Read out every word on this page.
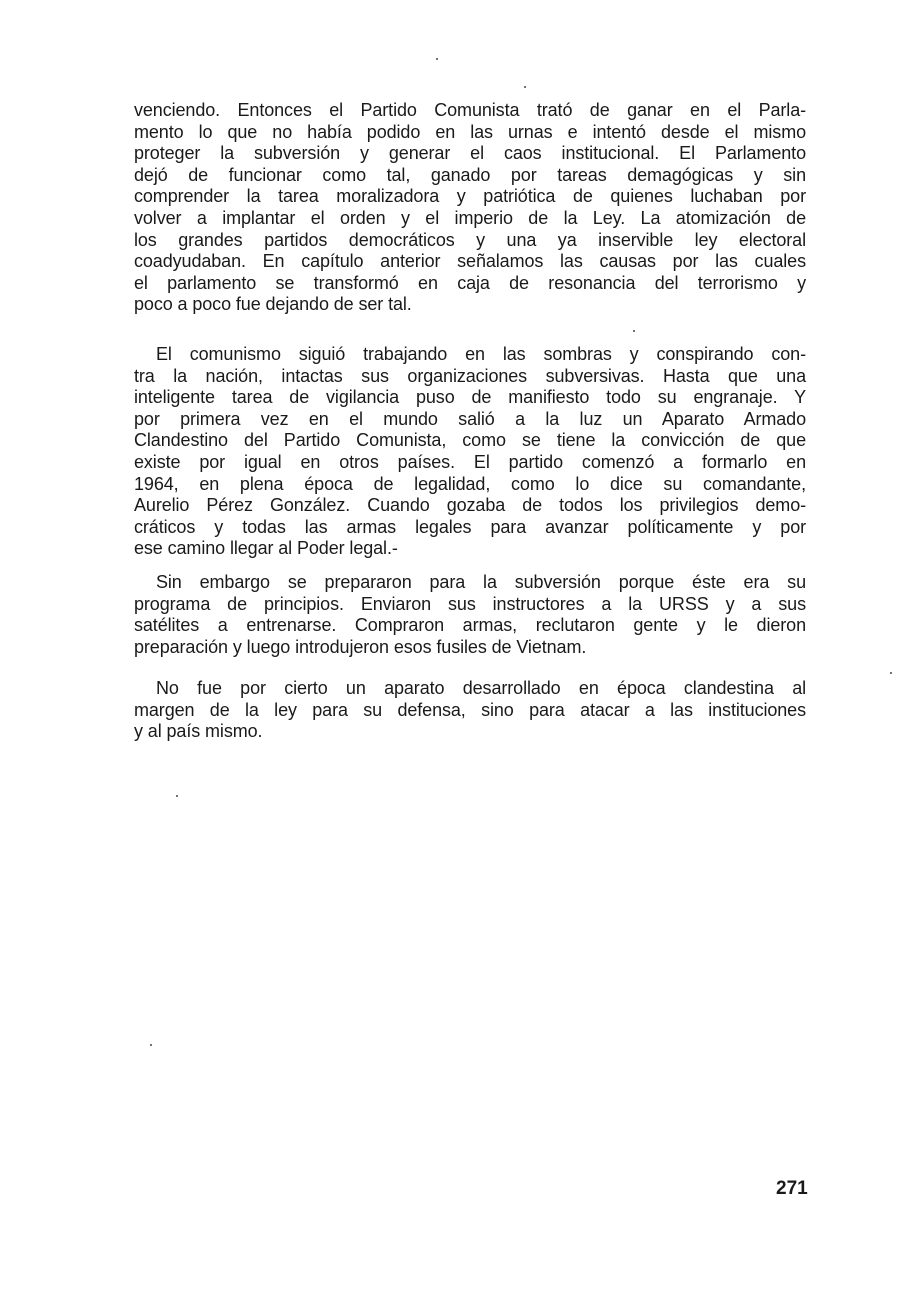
venciendo. Entonces el Partido Comunista trató de ganar en el Parla-
mento lo que no había podido en las urnas e intentó desde el mismo
proteger la subversión y generar el caos institucional. El Parlamento
dejó de funcionar como tal, ganado por tareas demagógicas y sin
comprender la tarea moralizadora y patriótica de quienes luchaban por
volver a implantar el orden y el imperio de la Ley. La atomización de
los grandes partidos democráticos y una ya inservible ley electoral
coadyudaban. En capítulo anterior señalamos las causas por las cuales
el parlamento se transformó en caja de resonancia del terrorismo y
poco a poco fue dejando de ser tal.
El comunismo siguió trabajando en las sombras y conspirando con-
tra la nación, intactas sus organizaciones subversivas. Hasta que una
inteligente tarea de vigilancia puso de manifiesto todo su engranaje. Y
por primera vez en el mundo salió a la luz un Aparato Armado
Clandestino del Partido Comunista, como se tiene la convicción de que
existe por igual en otros países. El partido comenzó a formarlo en
1964, en plena época de legalidad, como lo dice su comandante,
Aurelio Pérez González. Cuando gozaba de todos los privilegios demo-
cráticos y todas las armas legales para avanzar políticamente y por
ese camino llegar al Poder legal.-
Sin embargo se prepararon para la subversión porque éste era su
programa de principios. Enviaron sus instructores a la URSS y a sus
satélites a entrenarse. Compraron armas, reclutaron gente y le dieron
preparación y luego introdujeron esos fusiles de Vietnam.
No fue por cierto un aparato desarrollado en época clandestina al
margen de la ley para su defensa, sino para atacar a las instituciones
y al país mismo.
271
